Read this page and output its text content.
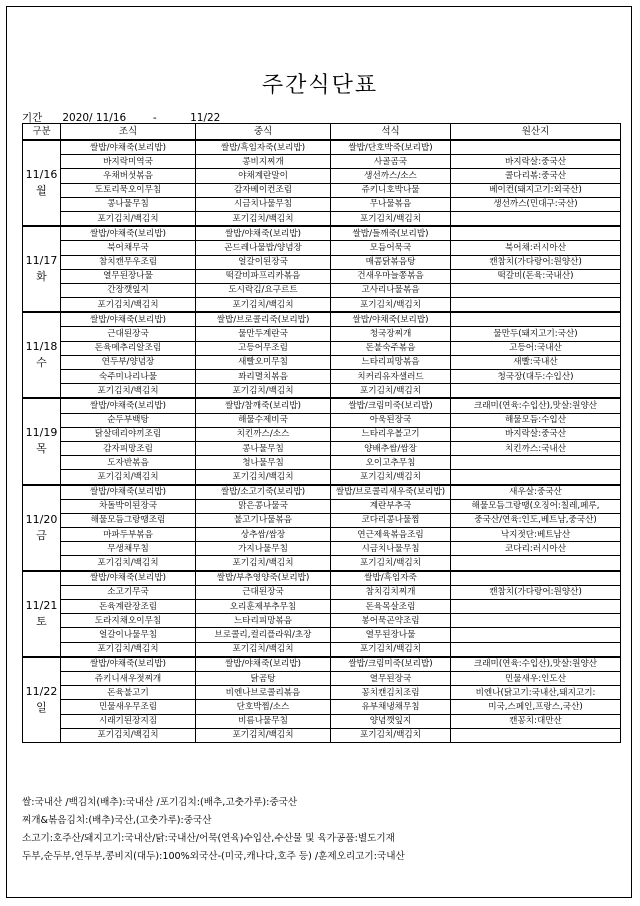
주간식단표
기간 2020/ 11/16	-	11/22
구분	조식	중식	석식	원산지

11/16
월	쌀밥/야채죽(보리밥)	쌀밥/흑임자죽(보리밥)	쌀밥/단호박죽(보리밥)	
	바지락미역국	콩비지찌개	사골곰국	바지락살:중국산
	우채버섯볶음	야채계란말이	생선까스/소스	콜다리볶:중국산
	도토리묵오이무침	감자베이컨조림	쥬키니호박나물	베이컨(돼지고기:외국산)
	콩나물무침	시금치나물무침	무나물볶음	생선까스(민대구:국산)
	포기김치/백김치	포기김치/백김치	포기김치/백김치	

11/17
화	쌀밥/야채죽(보리밥)	쌀밥/야채죽(보리밥)	쌀밥/들깨죽(보리밥)	
	북어채무국	곤드레나물밥/양념장	모듬어묵국	북어채:러시아산
	참치캔무우조림	얼갈이된장국	매콤닭볶음탕	캔참치(가다랑어:원양산)
	열무된장나물	떡갈비파프리카볶음	건새우마늘쫑볶음	떡갈비(돈육:국내산)
	간장깻잎지	도시락김/요구르트	고사리나물볶음	
	포기김치/백김치	포기김치/백김치	포기김치/백김치	

11/18
수	쌀밥/야채죽(보리밥)	쌀밥/브로콜리죽(보리밥)	쌀밥/야채죽(보리밥)	
	근대된장국	물만두계란국	청국장찌개	물만두(돼지고기:국산)
	돈육메추리알조림	고등어무조림	돈불숙주볶음	고등어:국내산
	연두부/양념장	새빨오미무침	느타리피망볶음	새빨:국내산
	숙주미나리나물	꽈리멸치볶음	치커리유자샐러드	청국장(대두:수입산)
	포기김치/백김치	포기김치/백김치	포기김치/백김치	

11/19
목	쌀밥/야채죽(보리밥)	쌀밥/참깨죽(보리밥)	쌀밥/크림미죽(보리밥)	크래미(연육:수입산),맛살:원양산
	순두부백탕	해물수제비국	아욱된장국	해물모듬:수입산
	닭살데리야끼조림	치킨까스/소스	느타리우볼고기	바지락살:중국산
	감자피망조림	콩나물무침	양배추쌈/쌈장	치킨까스:국내산
	도자반볶음	청나물무침	오이고추무침	
	포기김치/백김치	포기김치/백김치	포기김치/백김치	

11/20
금	쌀밥/야채죽(보리밥)	쌀밥/소고기죽(보리밥)	쌀밥/브로콜리새우죽(보리밥)	새우살:중국산
	차돌박이된장국	맑은콩나물국	계란부추국	해물모듬그랑땡(오징어:칠레,페루,
	해물모듬그랑땡조림	불고기나물볶음	코다리콩나물찜	중국산/연육:인도,베트남,중국산)
	마파두부볶음	상추쌈/쌈장	연근제육볶음조림	낙지젓단:베트남산
	무생채무침	가지나물무침	시금치나물무침	코다리:러시아산
	포기김치/백김치	포기김치/백김치	포기김치/백김치	

11/21
토	쌀밥/야채죽(보리밥)	쌀밥/부추영양죽(보리밥)	쌀밥/흑임자죽	
	소고기무국	근대된장국	참치김치찌개	캔참치(가다랑어:원양산)
	돈육계란장조림	오리훈제부추무침	돈육목살조림	
	도라지채오이무침	느타리피망볶음	봉어묵곤약조림	
	얼갈이나물무침	브로콜리,컬리플라워/초장	열무된장나물	
	포기김치/백김치	포기김치/백김치	포기김치/백김치	

11/22
일	쌀밥/야채죽(보리밥)	쌀밥/야채죽(보리밥)	쌀밥/크림미죽(보리밥)	크래미(연육:수입산),맛살:원양산
	쥬키니새우젓찌개	닭곰탕	열무된장국	민물새우:인도산
	돈육불고기	비엔나브로콜리볶음	꽁치캔김치조림	비엔나(닭고기:국내산,돼지고기:
	민물새우무조림	단호박찜/소스	유부채냉채무침	미국,스페인,프랑스,국산)
	시래기된장지짐	비름나물무침	양념깻잎지	캔꽁치:대만산
	포기김치/백김치	포기김치/백김치	포기김치/백김치	
쌀:국내산 /백김치(배추):국내산 /포기김치:(배추,고춧가루):중국산
찌개&볶음김치:(배추)국산,(고춧가루):중국산
소고기:호주산/돼지고기:국내산/닭:국내산/어묵(연육)수입산,수산물 및 육가공품:별도기재
두부,순두부,연두부,콩비지(대두):100%외국산-(미국,캐나다,호주 등) /훈제오리고기:국내산
